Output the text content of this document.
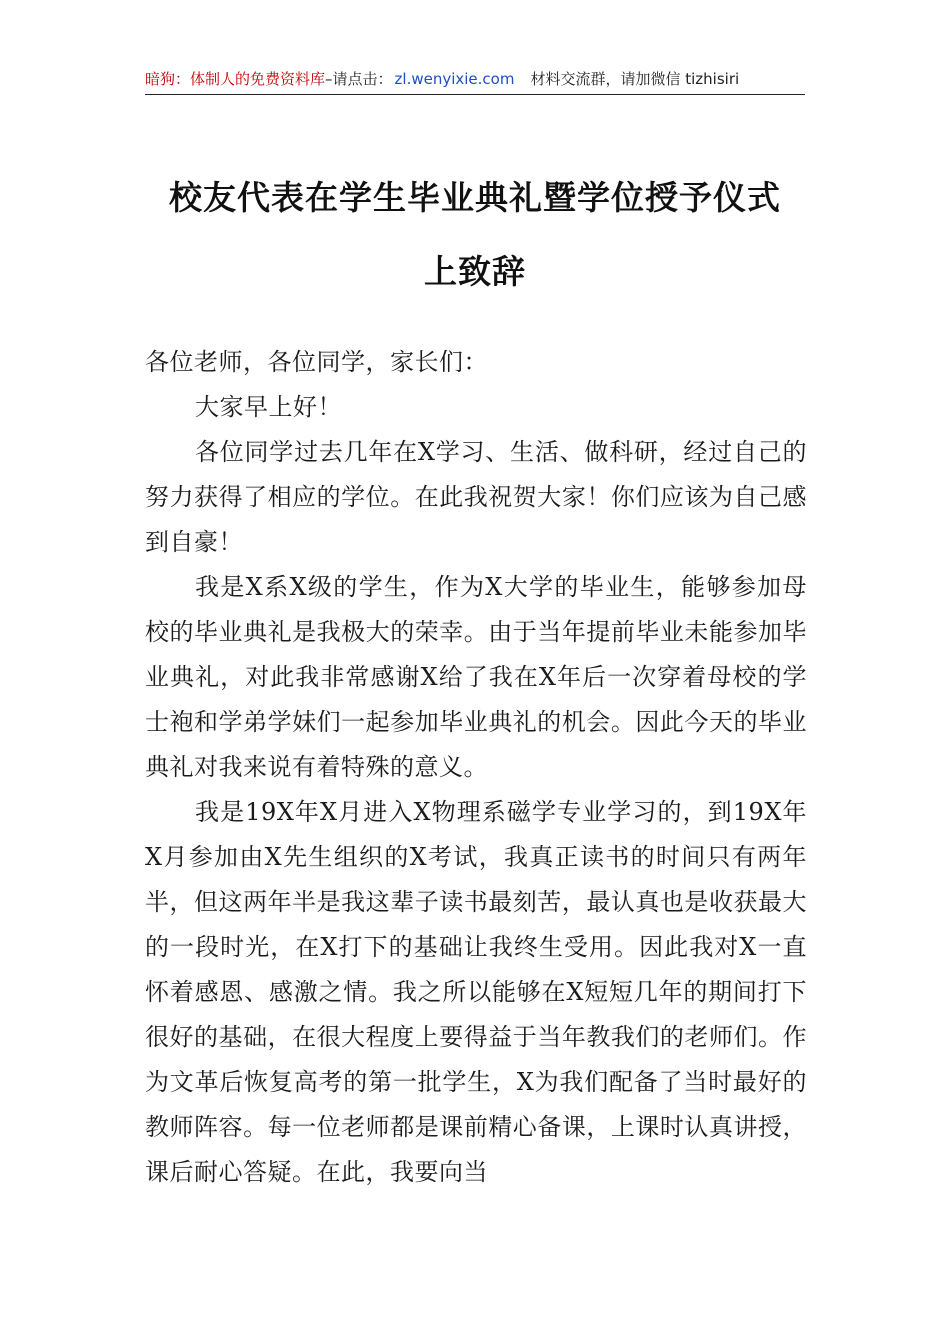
暗狗：体制人的免费资料库–请点击： zl.wenyixie.com 材料交流群，请加微信 tizhisiri
校友代表在学生毕业典礼暨学位授予仪式
上致辞

各位老师，各位同学，家长们：

大家早上好！

各位同学过去几年在X学习、生活、做科研，经过自己的努力获得了相应的学位。在此我祝贺大家！你们应该为自己感到自豪！

我是X系X级的学生，作为X大学的毕业生，能够参加母校的毕业典礼是我极大的荣幸。由于当年提前毕业未能参加毕业典礼，对此我非常感谢X给了我在X年后一次穿着母校的学士袍和学弟学妹们一起参加毕业典礼的机会。因此今天的毕业典礼对我来说有着特殊的意义。

我是19X年X月进入X物理系磁学专业学习的，到19X年X月参加由X先生组织的X考试，我真正读书的时间只有两年半，但这两年半是我这辈子读书最刻苦，最认真也是收获最大的一段时光，在X打下的基础让我终生受用。因此我对X一直怀着感恩、感激之情。我之所以能够在X短短几年的期间打下很好的基础，在很大程度上要得益于当年教我们的老师们。作为文革后恢复高考的第一批学生，X为我们配备了当时最好的教师阵容。每一位老师都是课前精心备课，上课时认真讲授，课后耐心答疑。在此，我要向当
